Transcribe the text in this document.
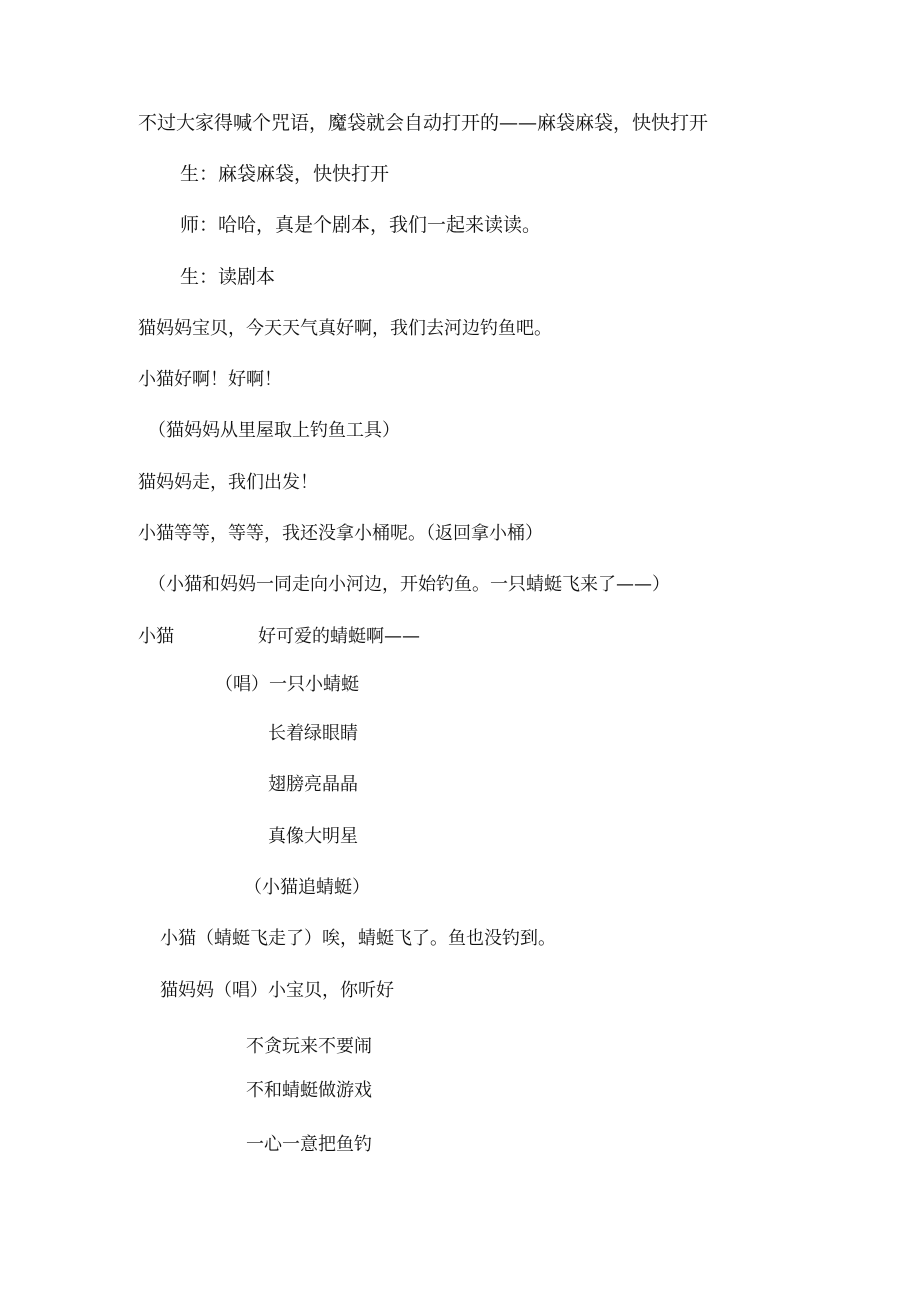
不过大家得喊个咒语，魔袋就会自动打开的——麻袋麻袋，快快打开
生：麻袋麻袋，快快打开
师：哈哈，真是个剧本，我们一起来读读。
生：读剧本
猫妈妈宝贝，今天天气真好啊，我们去河边钓鱼吧。
小猫好啊！好啊！
（猫妈妈从里屋取上钓鱼工具）
猫妈妈走，我们出发！
小猫等等，等等，我还没拿小桶呢。（返回拿小桶）
（小猫和妈妈一同走向小河边，开始钓鱼。一只蜻蜓飞来了——）
小猫	好可爱的蜻蜓啊——
（唱）一只小蜻蜓
长着绿眼睛
翅膀亮晶晶
真像大明星
（小猫追蜻蜓）
小猫（蜻蜓飞走了）唉，蜻蜓飞了。鱼也没钓到。
猫妈妈（唱）小宝贝，你听好
不贪玩来不要闹
不和蜻蜓做游戏
一心一意把鱼钓
